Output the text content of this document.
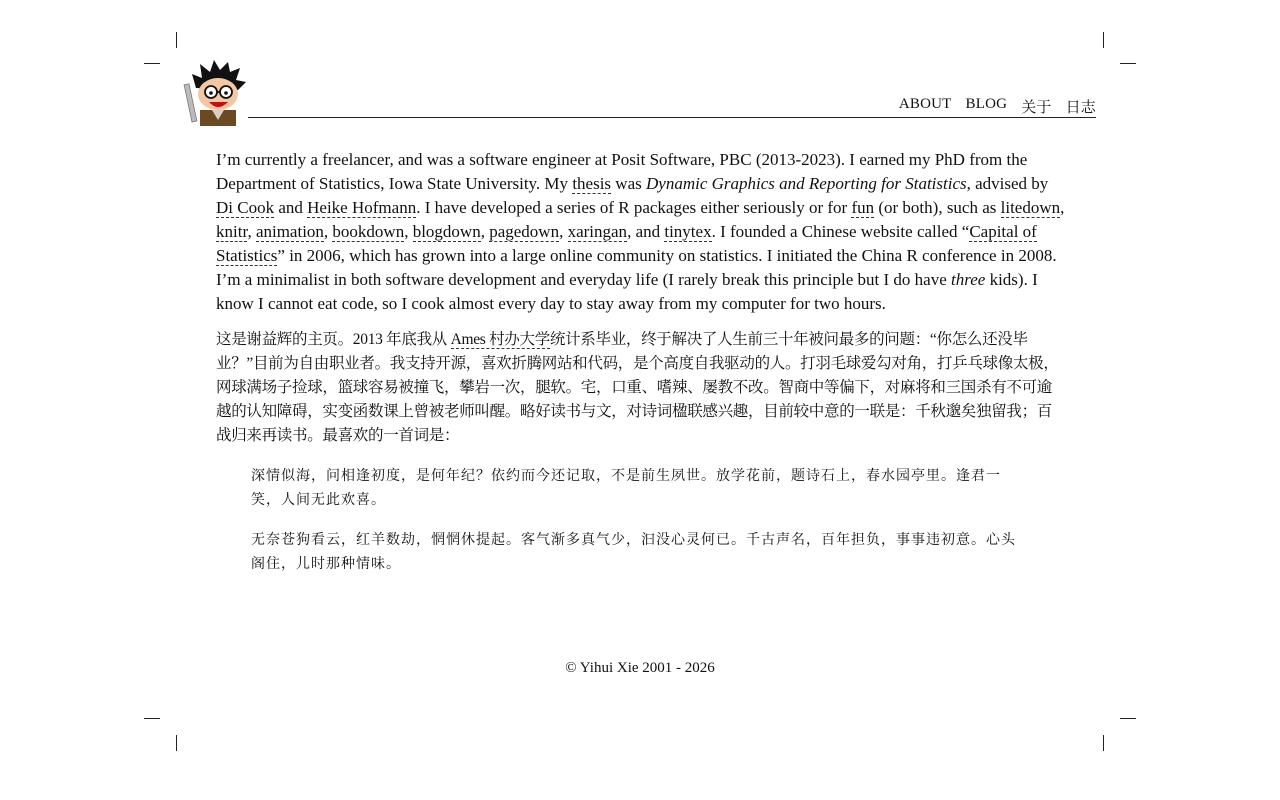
ABOUT BLOG 关于 日志

I’m currently a freelancer, and was a software engineer at Posit Software, PBC (2013-2023). I earned my PhD from the Department of Statistics, Iowa State University. My thesis was Dynamic Graphics and Reporting for Statistics, advised by Di Cook and Heike Hofmann. I have developed a series of R packages either seriously or for fun (or both), such as litedown, knitr, animation, bookdown, blogdown, pagedown, xaringan, and tinytex. I founded a Chinese website called “Capital of Statistics” in 2006, which has grown into a large online community on statistics. I initiated the China R conference in 2008. I’m a minimalist in both software development and everyday life (I rarely break this principle but I do have three kids). I know I cannot eat code, so I cook almost every day to stay away from my computer for two hours.

这是谢益辉的主页。2013 年底我从 Ames 村办大学统计系毕业，终于解决了人生前三十年被问最多的问题：“你怎么还没毕业？”目前为自由职业者。我支持开源，喜欢折腾网站和代码，是个高度自我驱动的人。打羽毛球爱勾对角，打乒乓球像太极，网球满场子捡球，篮球容易被撞飞，攀岩一次，腿软。宅，口重、嗜辣、屡教不改。智商中等偏下，对麻将和三国杀有不可逾越的认知障碍，实变函数课上曾被老师叫醒。略好读书与文，对诗词楹联感兴趣，目前较中意的一联是：千秋邈矣独留我；百战归来再读书。最喜欢的一首词是：

深情似海，问相逢初度，是何年纪？依约而今还记取，不是前生夙世。放学花前，题诗石上，春水园亭里。逢君一笑，人间无此欢喜。

无奈苍狗看云，红羊数劫，惘惘休提起。客气渐多真气少，汩没心灵何已。千古声名，百年担负，事事违初意。心头阁住，儿时那种情味。

© Yihui Xie 2001 - 2026
